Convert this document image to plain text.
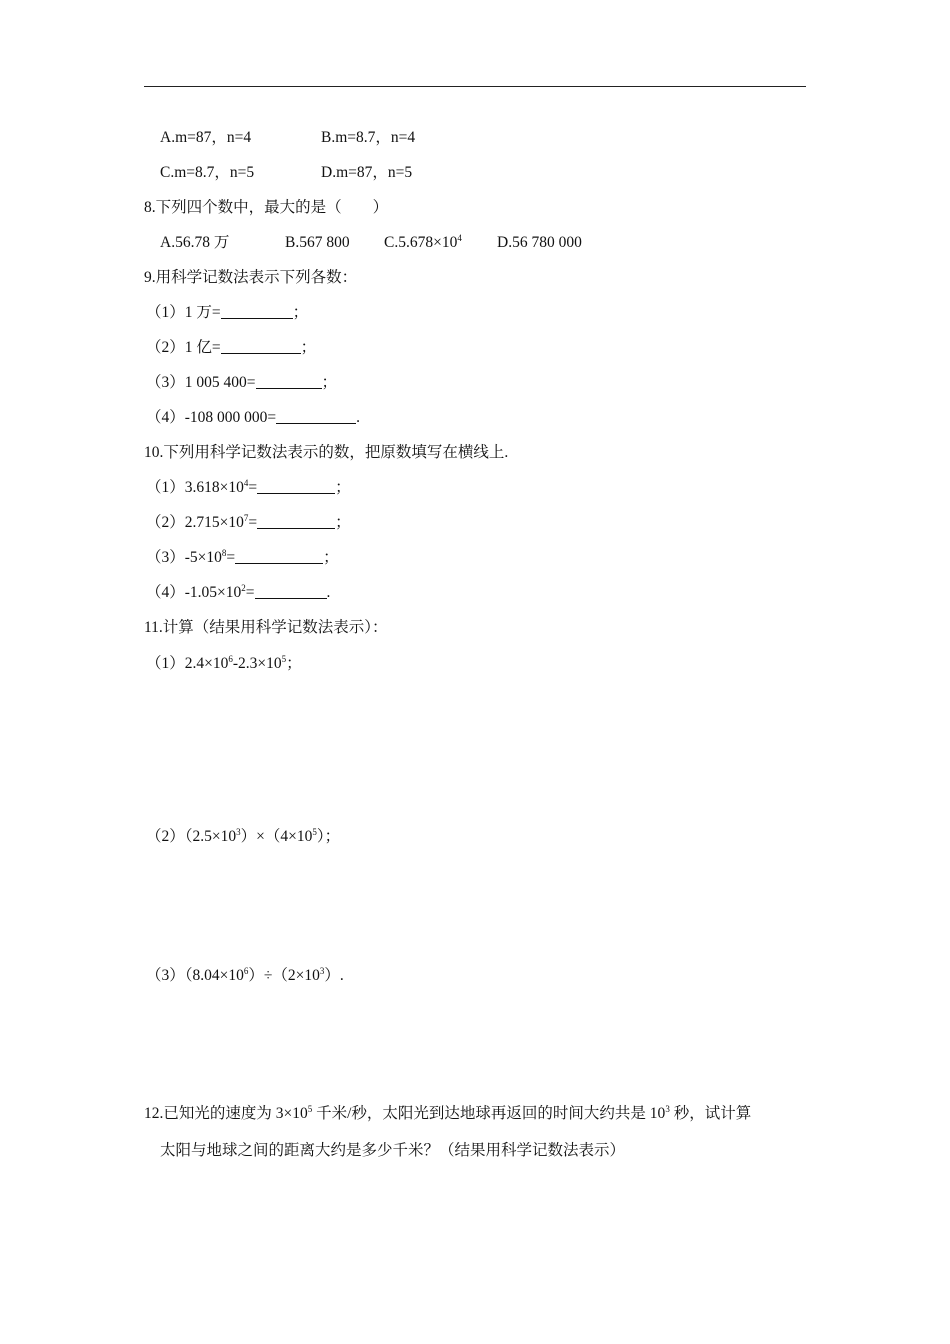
A.m=87，n=4	B.m=8.7，n=4
C.m=8.7，n=5	D.m=87，n=5
8.下列四个数中，最大的是（　　）
A.56.78 万	B.567 800 $C.5.678\times 10^4$ D.56 780 000
9.用科学记数法表示下列各数：
（1）1 万=	；
（2）1 亿=	；
（3）1 005 400=	；
（4）-108 000 000=	.
10.下列用科学记数法表示的数，把原数填写在横线上.
$(1)3.618\times 10^4=$	；
$(2)2.715\times 10^7=$	；
$(3)-5\times 10^8=$	；
$(4)-1.05\times 10^2=$	.
11.计算（结果用科学记数法表示）：
$(1)2.4\times 10^6-2.3\times 10^5$；
$(2)(2.5\times 10^3)\times(4\times 10^5)$；
$(3)(8.04\times 10^6)\div(2\times 10^3)$.
12.已知光的速度为 $3\times 10^5$ 千米/秒，太阳光到达地球再返回的时间大约共是 $10^3$ 秒，试计算
太阳与地球之间的距离大约是多少千米？（结果用科学记数法表示）
